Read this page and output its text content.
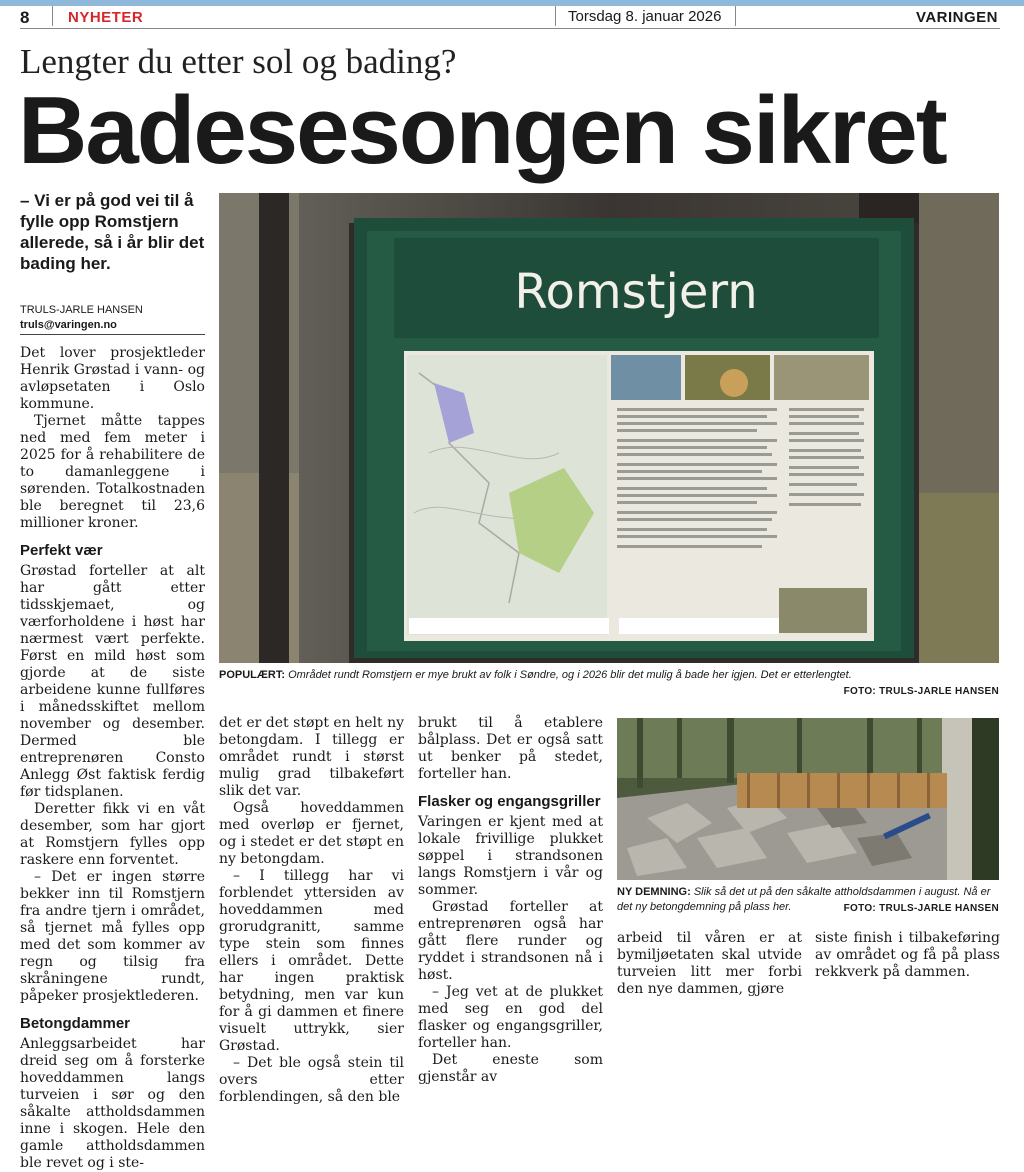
8	NYHETER	Torsdag 8. januar 2026	VARINGEN
Lengter du etter sol og bading?
Badesesongen sikret
– Vi er på god vei til å fylle opp Romstjern allerede, så i år blir det bading her.
TRULS-JARLE HANSEN
truls@varingen.no

Det lover prosjektleder Henrik Grøstad i vann- og avløpsetaten i Oslo kommune.

Tjernet måtte tappes ned med fem meter i 2025 for å rehabilitere de to damanleggene i sørenden. Totalkostnaden ble beregnet til 23,6 millioner kroner.

Perfekt vær

Grøstad forteller at alt har gått etter tidsskjemaet, og værforholdene i høst har nærmest vært perfekte. Først en mild høst som gjorde at de siste arbeidene kunne fullføres i månedsskiftet mellom november og desember. Dermed ble entreprenøren Consto Anlegg Øst faktisk ferdig før tidsplanen.

Deretter fikk vi en våt desember, som har gjort at Romstjern fylles opp raskere enn forventet.

– Det er ingen større bekker inn til Romstjern fra andre tjern i området, så tjernet må fylles opp med det som kommer av regn og tilsig fra skråningene rundt, påpeker prosjektlederen.

Betongdammer

Anleggsarbeidet har dreid seg om å forsterke hoveddammen langs turveien i sør og den såkalte attholdsdammen inne i skogen. Hele den gamle attholdsdammen ble revet og i ste-

Romstjern
POPULÆRT: Området rundt Romstjern er mye brukt av folk i Søndre, og i 2026 blir det mulig å bade her igjen. Det er etterlengtet.
FOTO: TRULS-JARLE HANSEN

det er det støpt en helt ny betongdam. I tillegg er området rundt i størst mulig grad tilbakeført slik det var.

Også hoveddammen med overløp er fjernet, og i stedet er det støpt en ny betongdam.

– I tillegg har vi forblendet yttersiden av hoveddammen med grorudgranitt, samme type stein som finnes ellers i området. Dette har ingen praktisk betydning, men var kun for å gi dammen et finere visuelt uttrykk, sier Grøstad.

– Det ble også stein til overs etter forblendingen, så den ble

brukt til å etablere bålplass. Det er også satt ut benker på stedet, forteller han.

Flasker og engangsgriller

Varingen er kjent med at lokale frivillige plukket søppel i strandsonen langs Romstjern i vår og sommer.

Grøstad forteller at entreprenøren også har gått flere runder og ryddet i strandsonen nå i høst.

– Jeg vet at de plukket med seg en god del flasker og engangsgriller, forteller han.

Det eneste som gjenstår av

NY DEMNING: Slik så det ut på den såkalte attholdsdammen i august. Nå er det ny betongdemning på plass her.	FOTO: TRULS-JARLE HANSEN

arbeid til våren er at bymiljøetaten skal utvide turveien litt mer forbi den nye dammen, gjøre

siste finish i tilbakeføring av området og få på plass rekkverk på dammen.
